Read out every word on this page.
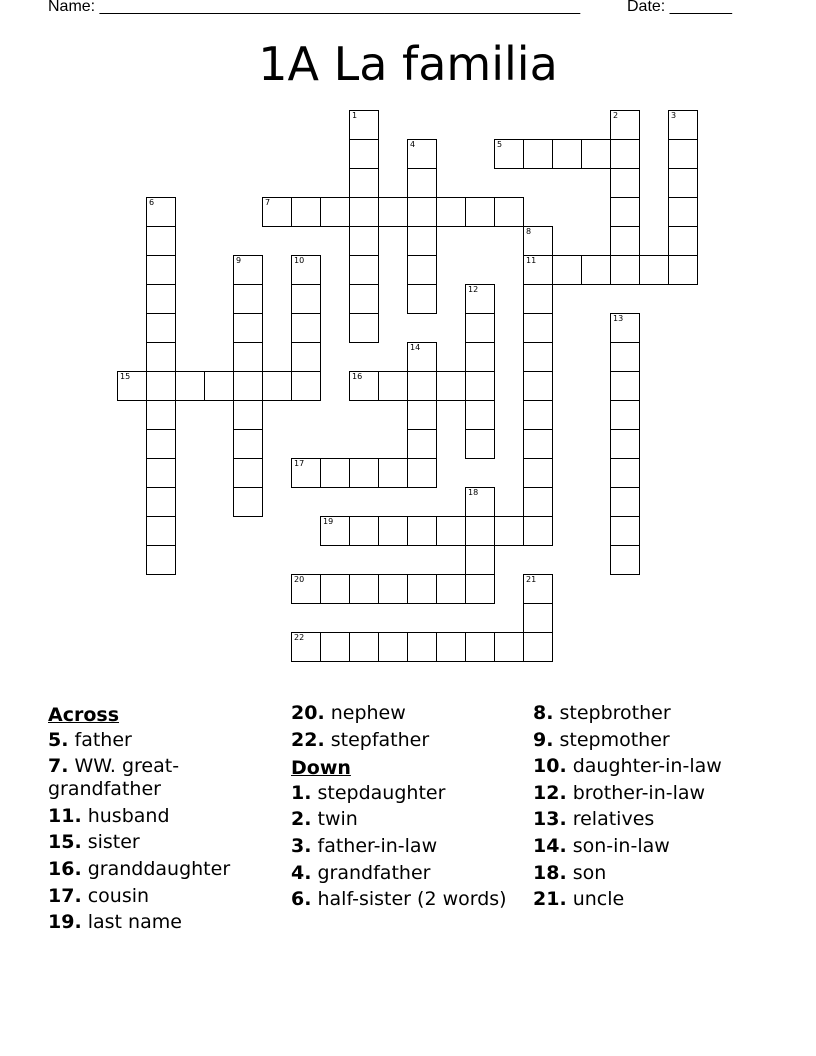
Name: ______________________________________________________	Date: _______
1A La familia
1	2	3
4	5
6	7
8
11
9	10
12
13
14
15	16
17
18
19
20	21
22
Across
5. father
7. WW. great-grandfather
11. husband
15. sister
16. granddaughter
17. cousin
19. last name
20. nephew
22. stepfather
Down
1. stepdaughter
2. twin
3. father-in-law
4. grandfather
6. half-sister (2 words)
8. stepbrother
9. stepmother
10. daughter-in-law
12. brother-in-law
13. relatives
14. son-in-law
18. son
21. uncle
